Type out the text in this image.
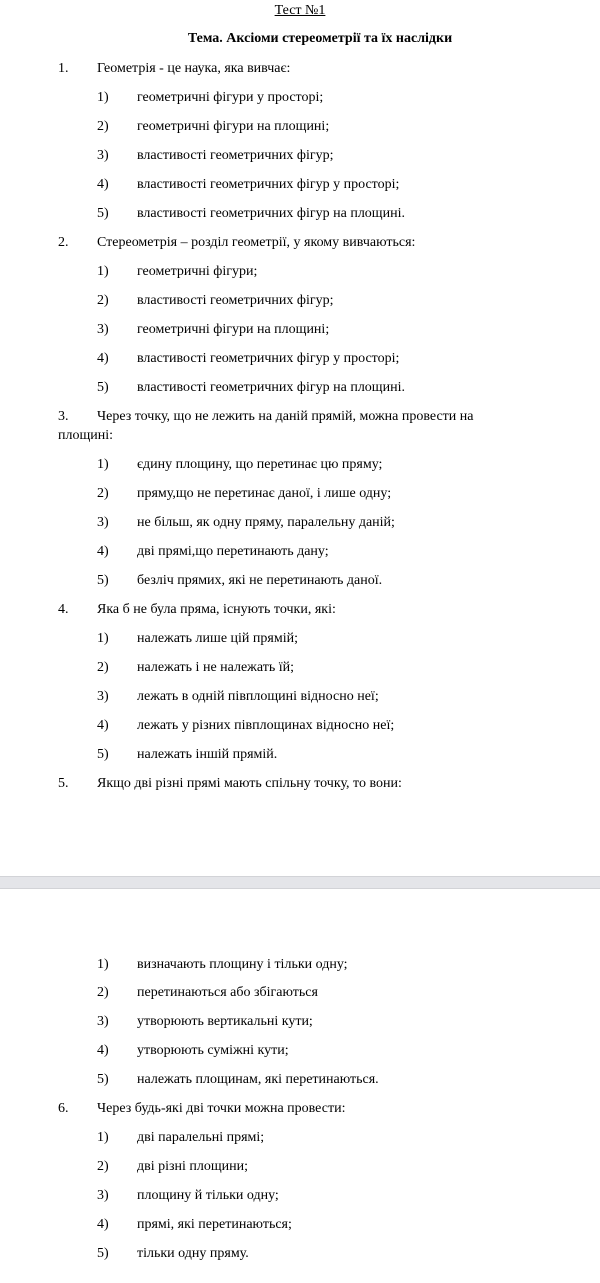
Тест №1
Тема. Аксіоми стереометрії та їх наслідки
1. Геометрія - це наука, яка вивчає:
1) геометричні фігури у просторі;
2) геометричні фігури на площині;
3) властивості геометричних фігур;
4) властивості геометричних фігур у просторі;
5) властивості геометричних фігур на площині.
2. Стереометрія – розділ геометрії, у якому вивчаються:
1) геометричні фігури;
2) властивості геометричних фігур;
3) геометричні фігури на площині;
4) властивості геометричних фігур у просторі;
5) властивості геометричних фігур на площині.
3. Через точку, що не лежить на даній прямій, можна провести на
площині:
1) єдину площину, що перетинає цю пряму;
2) пряму,що не перетинає даної, і лише одну;
3) не більш, як одну пряму, паралельну даній;
4) дві прямі,що перетинають дану;
5) безліч прямих, які не перетинають даної.
4. Яка б не була пряма, існують точки, які:
1) належать лише цій прямій;
2) належать і не належать їй;
3) лежать в одній півплощині відносно неї;
4) лежать у різних півплощинах відносно неї;
5) належать іншій прямій.
5. Якщо дві різні прямі мають спільну точку, то вони:
1) визначають площину і тільки одну;
2) перетинаються або збігаються
3) утворюють вертикальні кути;
4) утворюють суміжні кути;
5) належать площинам, які перетинаються.
6. Через будь-які дві точки можна провести:
1) дві паралельні прямі;
2) дві різні площини;
3) площину й тільки одну;
4) прямі, які перетинаються;
5) тільки одну пряму.
